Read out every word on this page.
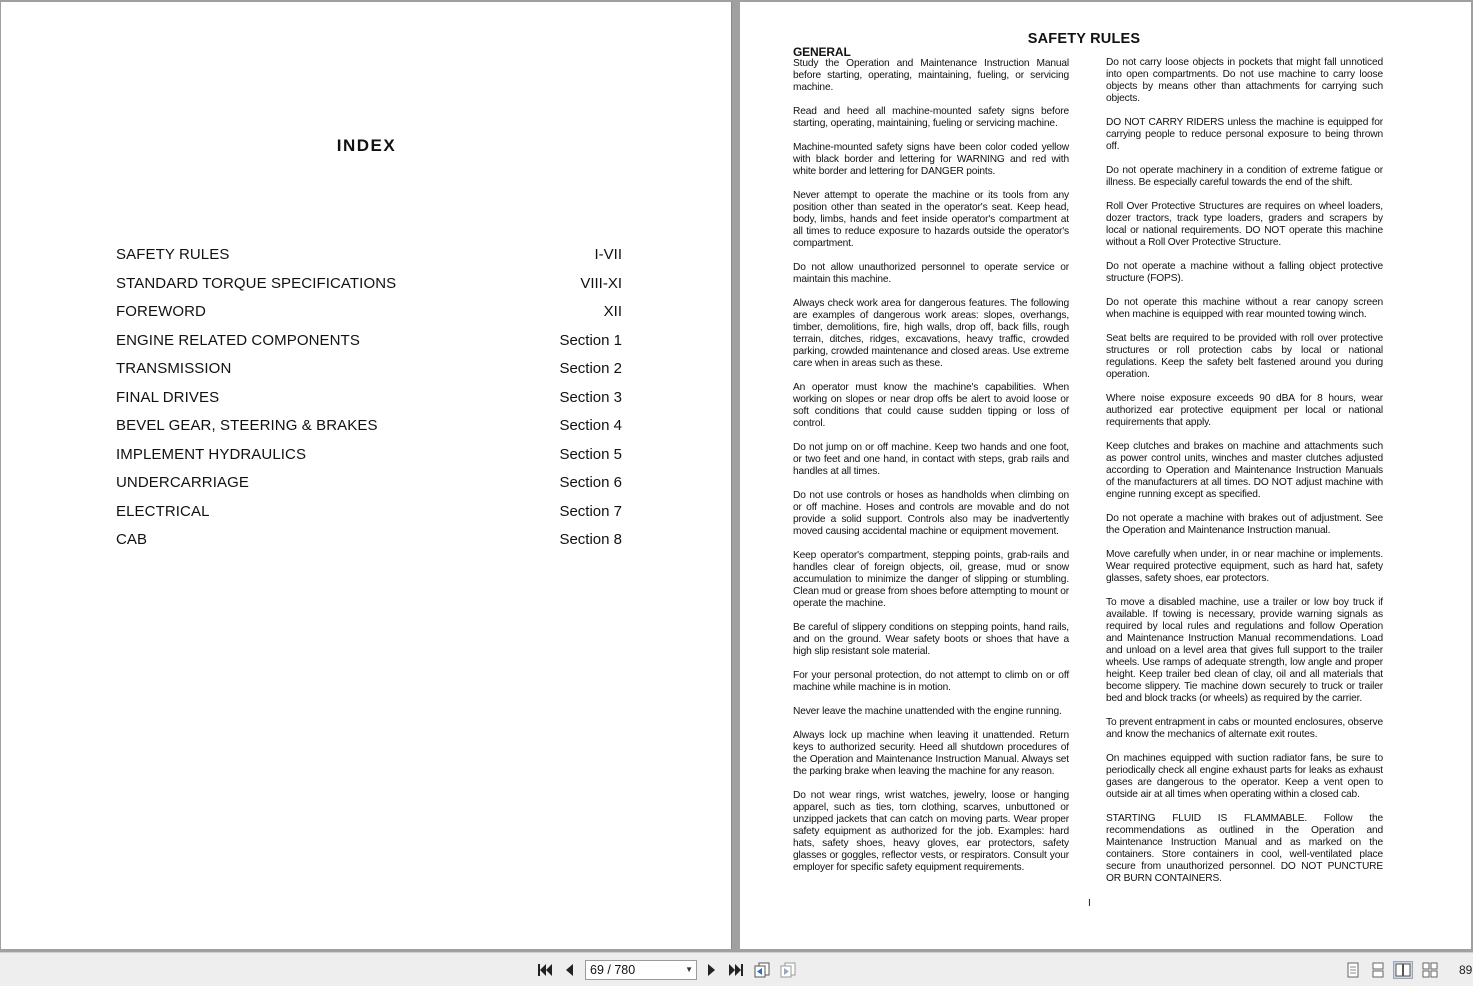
INDEX
SAFETY RULES	I-VII
STANDARD TORQUE SPECIFICATIONS	VIII-XI
FOREWORD	XII
ENGINE RELATED COMPONENTS	Section 1
TRANSMISSION	Section 2
FINAL DRIVES	Section 3
BEVEL GEAR, STEERING & BRAKES	Section 4
IMPLEMENT HYDRAULICS	Section 5
UNDERCARRIAGE	Section 6
ELECTRICAL	Section 7
CAB	Section 8
SAFETY RULES
GENERAL

Study the Operation and Maintenance Instruction Manual before starting, operating, maintaining, fueling, or servicing machine.

Read and heed all machine-mounted safety signs before starting, operating, maintaining, fueling or servicing machine.

Machine-mounted safety signs have been color coded yellow with black border and lettering for WARNING and red with white border and lettering for DANGER points.

Never attempt to operate the machine or its tools from any position other than seated in the operator's seat. Keep head, body, limbs, hands and feet inside operator's compartment at all times to reduce exposure to hazards outside the operator's compartment.

Do not allow unauthorized personnel to operate service or maintain this machine.

Always check work area for dangerous features. The following are examples of dangerous work areas: slopes, overhangs, timber, demolitions, fire, high walls, drop off, back fills, rough terrain, ditches, ridges, excavations, heavy traffic, crowded parking, crowded maintenance and closed areas. Use extreme care when in areas such as these.

An operator must know the machine's capabilities. When working on slopes or near drop offs be alert to avoid loose or soft conditions that could cause sudden tipping or loss of control.

Do not jump on or off machine. Keep two hands and one foot, or two feet and one hand, in contact with steps, grab rails and handles at all times.

Do not use controls or hoses as handholds when climbing on or off machine. Hoses and controls are movable and do not provide a solid support. Controls also may be inadvertently moved causing accidental machine or equipment movement.

Keep operator's compartment, stepping points, grab-rails and handles clear of foreign objects, oil, grease, mud or snow accumulation to minimize the danger of slipping or stumbling. Clean mud or grease from shoes before attempting to mount or operate the machine.

Be careful of slippery conditions on stepping points, hand rails, and on the ground. Wear safety boots or shoes that have a high slip resistant sole material.

For your personal protection, do not attempt to climb on or off machine while machine is in motion.

Never leave the machine unattended with the engine running.

Always lock up machine when leaving it unattended. Return keys to authorized security. Heed all shutdown procedures of the Operation and Maintenance Instruction Manual. Always set the parking brake when leaving the machine for any reason.

Do not wear rings, wrist watches, jewelry, loose or hanging apparel, such as ties, torn clothing, scarves, unbuttoned or unzipped jackets that can catch on moving parts. Wear proper safety equipment as authorized for the job. Examples: hard hats, safety shoes, heavy gloves, ear protectors, safety glasses or goggles, reflector vests, or respirators. Consult your employer for specific safety equipment requirements.

Do not carry loose objects in pockets that might fall unnoticed into open compartments. Do not use machine to carry loose objects by means other than attachments for carrying such objects.

DO NOT CARRY RIDERS unless the machine is equipped for carrying people to reduce personal exposure to being thrown off.

Do not operate machinery in a condition of extreme fatigue or illness. Be especially careful towards the end of the shift.

Roll Over Protective Structures are requires on wheel loaders, dozer tractors, track type loaders, graders and scrapers by local or national requirements. DO NOT operate this machine without a Roll Over Protective Structure.

Do not operate a machine without a falling object protective structure (FOPS).

Do not operate this machine without a rear canopy screen when machine is equipped with rear mounted towing winch.

Seat belts are required to be provided with roll over protective structures or roll protection cabs by local or national regulations. Keep the safety belt fastened around you during operation.

Where noise exposure exceeds 90 dBA for 8 hours, wear authorized ear protective equipment per local or national requirements that apply.

Keep clutches and brakes on machine and attachments such as power control units, winches and master clutches adjusted according to Operation and Maintenance Instruction Manuals of the manufacturers at all times. DO NOT adjust machine with engine running except as specified.

Do not operate a machine with brakes out of adjustment. See the Operation and Maintenance Instruction manual.

Move carefully when under, in or near machine or implements. Wear required protective equipment, such as hard hat, safety glasses, safety shoes, ear protectors.

To move a disabled machine, use a trailer or low boy truck if available. If towing is necessary, provide warning signals as required by local rules and regulations and follow Operation and Maintenance Instruction Manual recommendations. Load and unload on a level area that gives full support to the trailer wheels. Use ramps of adequate strength, low angle and proper height. Keep trailer bed clean of clay, oil and all materials that become slippery. Tie machine down securely to truck or trailer bed and block tracks (or wheels) as required by the carrier.

To prevent entrapment in cabs or mounted enclosures, observe and know the mechanics of alternate exit routes.

On machines equipped with suction radiator fans, be sure to periodically check all engine exhaust parts for leaks as exhaust gases are dangerous to the operator. Keep a vent open to outside air at all times when operating within a closed cab.

STARTING FLUID IS FLAMMABLE. Follow the recommendations as outlined in the Operation and Maintenance Instruction Manual and as marked on the containers. Store containers in cool, well-ventilated place secure from unauthorized personnel. DO NOT PUNCTURE OR BURN CONTAINERS.

I
69 / 780	▼	89
